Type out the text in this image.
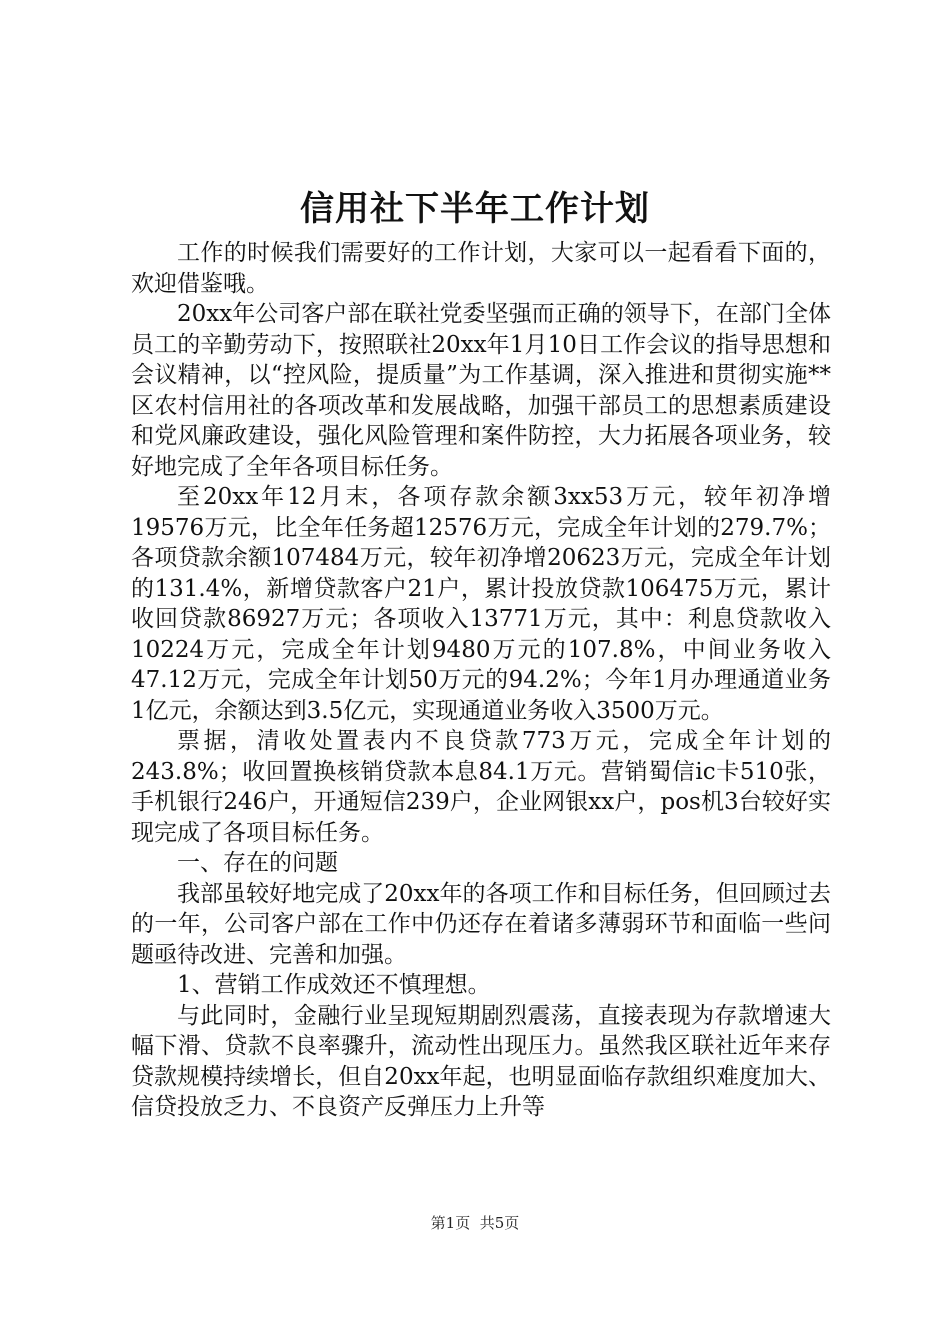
信用社下半年工作计划

工作的时候我们需要好的工作计划，大家可以一起看看下面的，欢迎借鉴哦。

20xx年公司客户部在联社党委坚强而正确的领导下，在部门全体员工的辛勤劳动下，按照联社20xx年1月10日工作会议的指导思想和会议精神，以“控风险，提质量”为工作基调，深入推进和贯彻实施**区农村信用社的各项改革和发展战略，加强干部员工的思想素质建设和党风廉政建设，强化风险管理和案件防控，大力拓展各项业务，较好地完成了全年各项目标任务。

至20xx年12月末，各项存款余额3xx53万元，较年初净增19576万元，比全年任务超12576万元，完成全年计划的279.7%；各项贷款余额107484万元，较年初净增20623万元，完成全年计划的131.4%，新增贷款客户21户，累计投放贷款106475万元，累计收回贷款86927万元；各项收入13771万元，其中：利息贷款收入10224万元，完成全年计划9480万元的107.8%，中间业务收入47.12万元，完成全年计划50万元的94.2%；今年1月办理通道业务1亿元，余额达到3.5亿元，实现通道业务收入3500万元。

票据，清收处置表内不良贷款773万元，完成全年计划的243.8%；收回置换核销贷款本息84.1万元。营销蜀信ic卡510张，手机银行246户，开通短信239户，企业网银xx户，pos机3台较好实现完成了各项目标任务。

一、存在的问题

我部虽较好地完成了20xx年的各项工作和目标任务，但回顾过去的一年，公司客户部在工作中仍还存在着诸多薄弱环节和面临一些问题亟待改进、完善和加强。

1、营销工作成效还不慎理想。

与此同时，金融行业呈现短期剧烈震荡，直接表现为存款增速大幅下滑、贷款不良率骤升，流动性出现压力。虽然我区联社近年来存贷款规模持续增长，但自20xx年起，也明显面临存款组织难度加大、信贷投放乏力、不良资产反弹压力上升等

第1页 共5页
